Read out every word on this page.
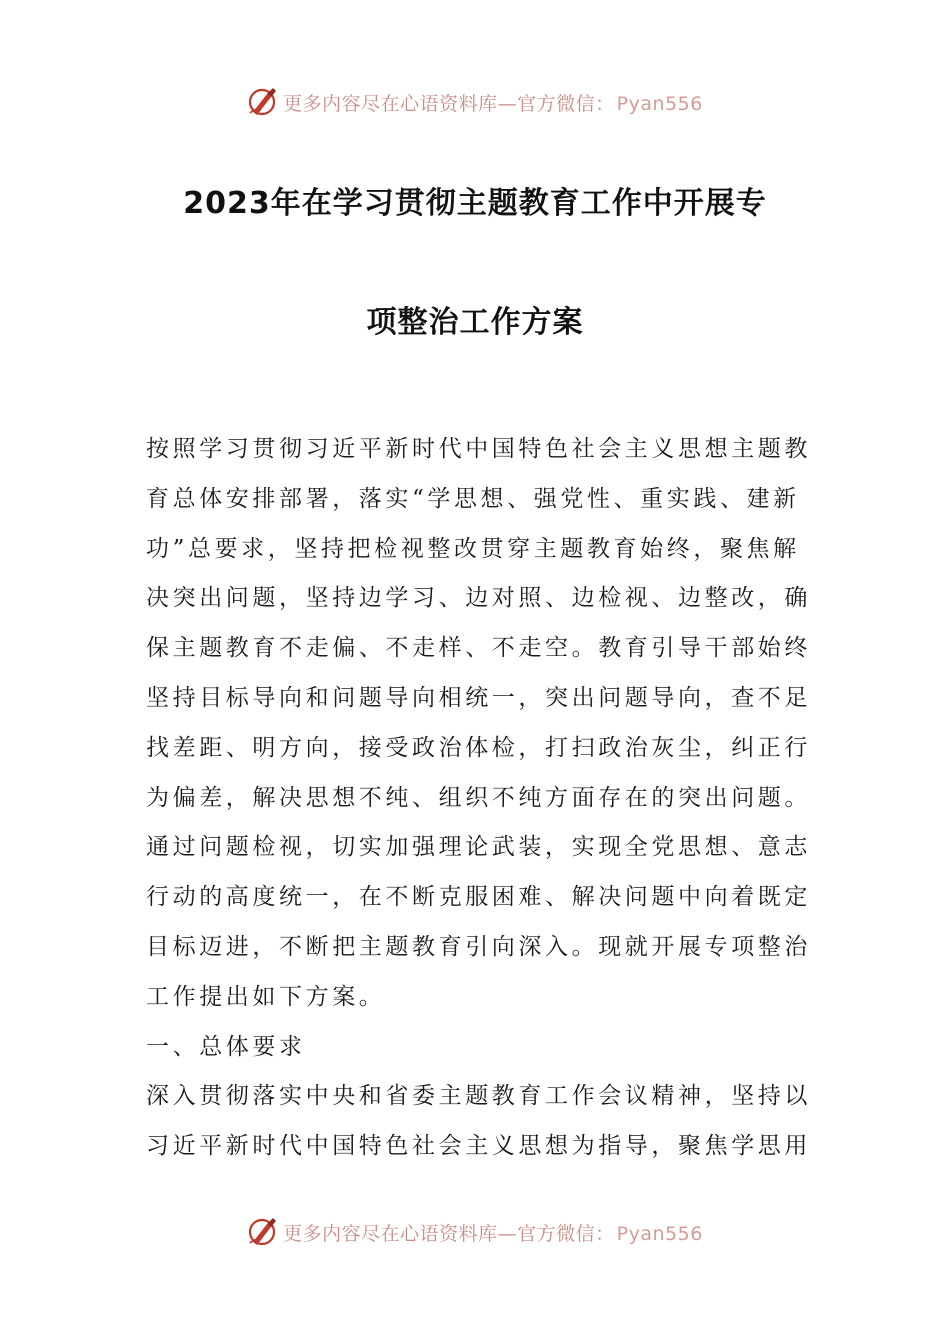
更多内容尽在心语资料库—官方微信： Pyan556
2023年在学习贯彻主题教育工作中开展专
项整治工作方案
按照学习贯彻习近平新时代中国特色社会主义思想主题教
育总体安排部署，落实“学思想、强党性、重实践、建新
功”总要求，坚持把检视整改贯穿主题教育始终，聚焦解
决突出问题，坚持边学习、边对照、边检视、边整改，确
保主题教育不走偏、不走样、不走空。教育引导干部始终
坚持目标导向和问题导向相统一，突出问题导向，查不足
找差距、明方向，接受政治体检，打扫政治灰尘，纠正行
为偏差，解决思想不纯、组织不纯方面存在的突出问题。
通过问题检视，切实加强理论武装，实现全党思想、意志
行动的高度统一，在不断克服困难、解决问题中向着既定
目标迈进，不断把主题教育引向深入。现就开展专项整治
工作提出如下方案。
一、总体要求
深入贯彻落实中央和省委主题教育工作会议精神，坚持以
习近平新时代中国特色社会主义思想为指导，聚焦学思用
更多内容尽在心语资料库—官方微信： Pyan556
